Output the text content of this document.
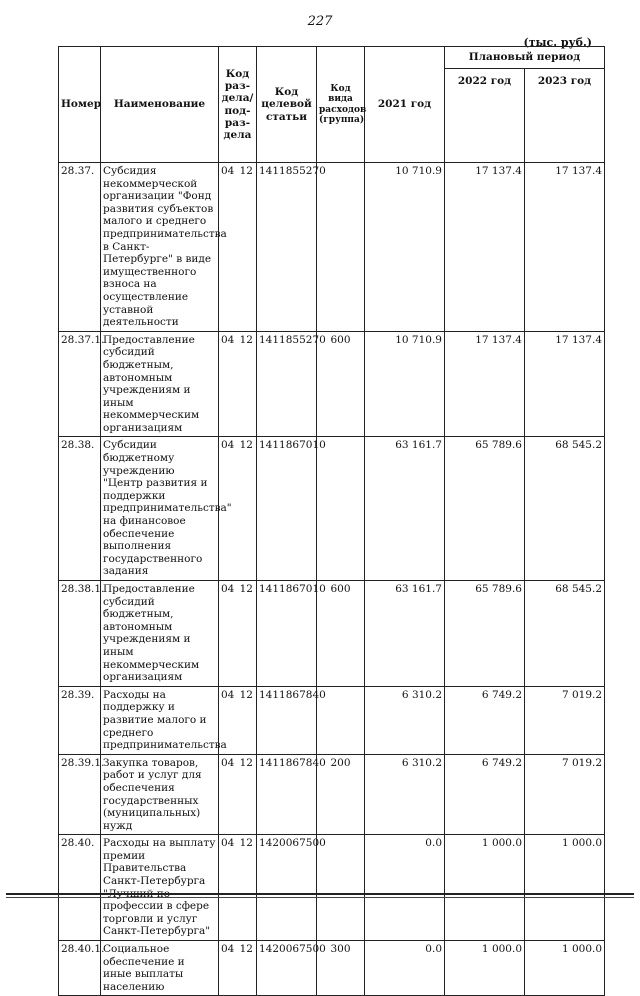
227
(тыс. руб.)
Номер	Наименование	Код раз-дела/ под-раз-дела	Код целевой статьи	Код вида расходов (группа)	2021 год	Плановый период	
						2022 год	2023 год
28.37.	Субсидия некоммерческой организации "Фонд развития субъектов малого и среднего предпринимательства в Санкт-Петербурге" в виде имущественного взноса на осуществление уставной деятельности	04 12	1411855270		10 710.9	17 137.4	17 137.4
28.37.1.	Предоставление субсидий бюджетным, автономным учреждениям и иным некоммерческим организациям	04 12	1411855270	600	10 710.9	17 137.4	17 137.4
28.38.	Субсидии бюджетному учреждению "Центр развития и поддержки предпринимательства" на финансовое обеспечение выполнения государственного задания	04 12	1411867010		63 161.7	65 789.6	68 545.2
28.38.1.	Предоставление субсидий бюджетным, автономным учреждениям и иным некоммерческим организациям	04 12	1411867010	600	63 161.7	65 789.6	68 545.2
28.39.	Расходы на поддержку и развитие малого и среднего предпринимательства	04 12	1411867840		6 310.2	6 749.2	7 019.2
28.39.1.	Закупка товаров, работ и услуг для обеспечения государственных (муниципальных) нужд	04 12	1411867840	200	6 310.2	6 749.2	7 019.2
28.40.	Расходы на выплату премии Правительства Санкт-Петербурга "Лучший по профессии в сфере торговли и услуг Санкт-Петербурга"	04 12	1420067500		0.0	1 000.0	1 000.0
28.40.1.	Социальное обеспечение и иные выплаты населению	04 12	1420067500	300	0.0	1 000.0	1 000.0
